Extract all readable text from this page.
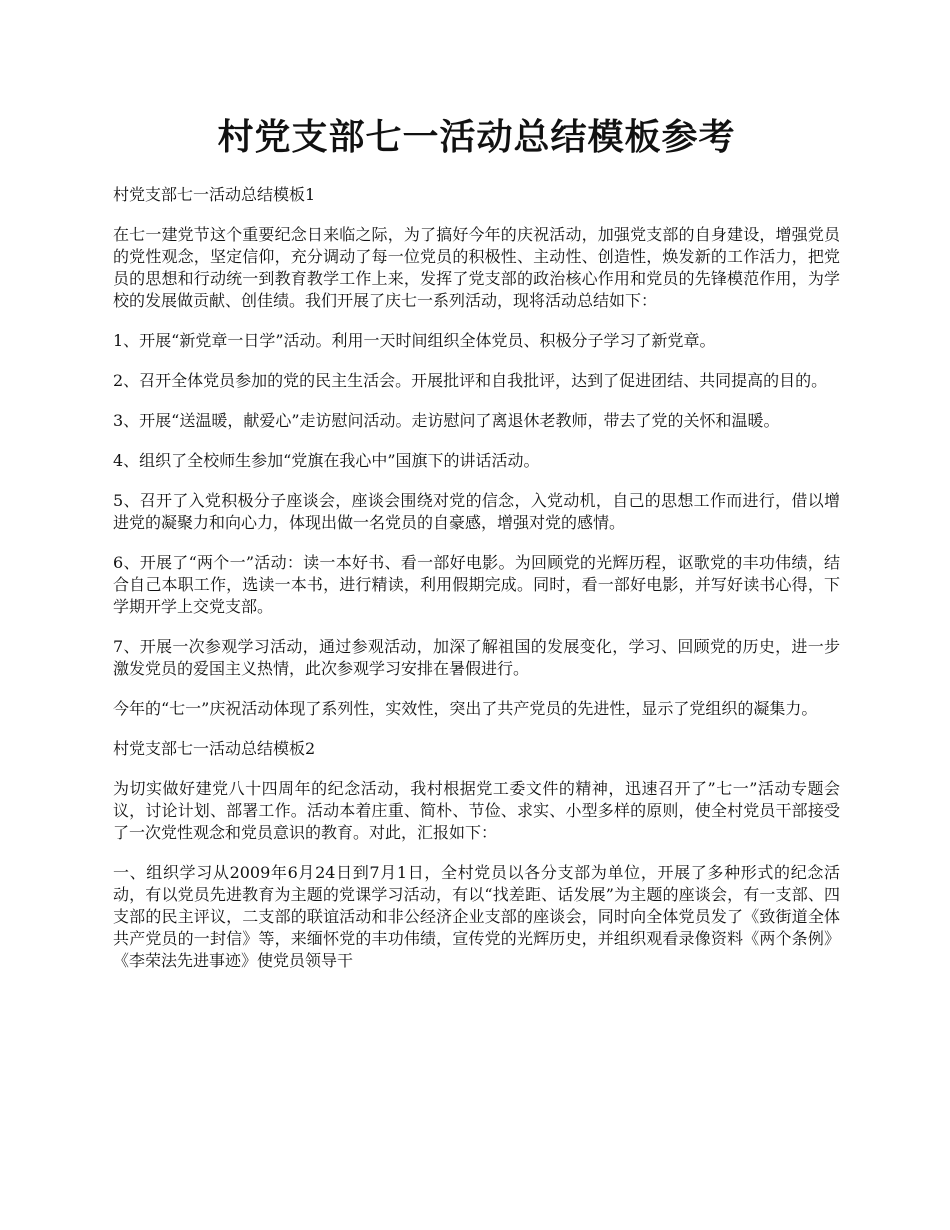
村党支部七一活动总结模板参考

村党支部七一活动总结模板1

在七一建党节这个重要纪念日来临之际，为了搞好今年的庆祝活动，加强党支部的自身建设，增强党员的党性观念，坚定信仰，充分调动了每一位党员的积极性、主动性、创造性，焕发新的工作活力，把党员的思想和行动统一到教育教学工作上来，发挥了党支部的政治核心作用和党员的先锋模范作用，为学校的发展做贡献、创佳绩。我们开展了庆七一系列活动，现将活动总结如下：

1、开展“新党章一日学”活动。利用一天时间组织全体党员、积极分子学习了新党章。

2、召开全体党员参加的党的民主生活会。开展批评和自我批评，达到了促进团结、共同提高的目的。

3、开展“送温暖，献爱心”走访慰问活动。走访慰问了离退休老教师，带去了党的关怀和温暖。

4、组织了全校师生参加“党旗在我心中”国旗下的讲话活动。

5、召开了入党积极分子座谈会，座谈会围绕对党的信念，入党动机，自己的思想工作而进行，借以增进党的凝聚力和向心力，体现出做一名党员的自豪感，增强对党的感情。

6、开展了“两个一”活动：读一本好书、看一部好电影。为回顾党的光辉历程，讴歌党的丰功伟绩，结合自己本职工作，选读一本书，进行精读，利用假期完成。同时，看一部好电影，并写好读书心得，下学期开学上交党支部。

7、开展一次参观学习活动，通过参观活动，加深了解祖国的发展变化，学习、回顾党的历史，进一步激发党员的爱国主义热情，此次参观学习安排在暑假进行。

今年的“七一”庆祝活动体现了系列性，实效性，突出了共产党员的先进性，显示了党组织的凝集力。

村党支部七一活动总结模板2

为切实做好建党八十四周年的纪念活动，我村根据党工委文件的精神，迅速召开了”七一”活动专题会议，讨论计划、部署工作。活动本着庄重、简朴、节俭、求实、小型多样的原则，使全村党员干部接受了一次党性观念和党员意识的教育。对此，汇报如下：

一、组织学习从2009年6月24日到7月1日，全村党员以各分支部为单位，开展了多种形式的纪念活动，有以党员先进教育为主题的党课学习活动，有以“找差距、话发展”为主题的座谈会，有一支部、四支部的民主评议，二支部的联谊活动和非公经济企业支部的座谈会，同时向全体党员发了《致街道全体共产党员的一封信》等，来缅怀党的丰功伟绩，宣传党的光辉历史，并组织观看录像资料《两个条例》《李荣法先进事迹》使党员领导干
